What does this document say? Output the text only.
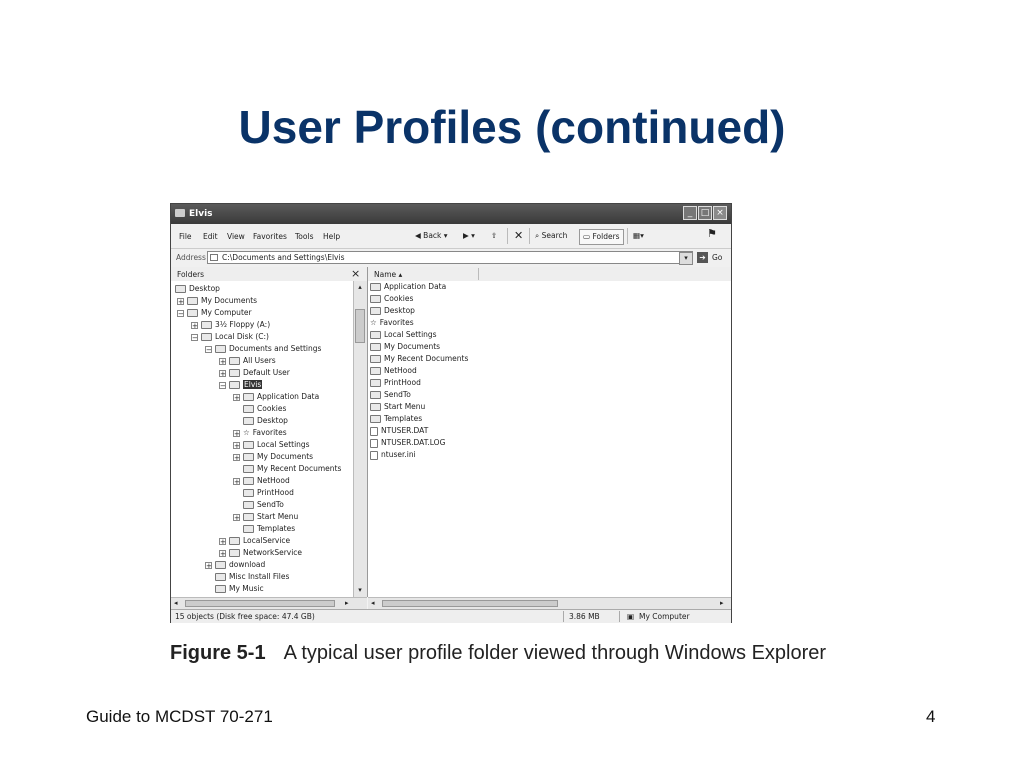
User Profiles (continued)
Elvis	_ □ ×
File Edit View Favorites Tools Help	◀ Back ▾ ▶ ▾ ⇧ ✕ ⌕ Search	▭ Folders	▦▾	⚑
Address C:\Documents and Settings\Elvis	▾	➔ Go
Folders	× Name ▴
Desktop
+ My Documents
− My Computer
+ 3½ Floppy (A:)
− Local Disk (C:)
− Documents and Settings
+ All Users
+ Default User
− Elvis
+ Application Data
Cookies
Desktop
+ ☆ Favorites
+ Local Settings
+ My Documents
My Recent Documents
+ NetHood
PrintHood
SendTo
+ Start Menu
Templates
+ LocalService
+ NetworkService
+ download
Misc Install Files
My Music
▴
▾
Application Data
Cookies
Desktop
☆ Favorites
Local Settings
My Documents
My Recent Documents
NetHood
PrintHood
SendTo
Start Menu
Templates
NTUSER.DAT
NTUSER.DAT.LOG
ntuser.ini
◂	▸	◂	▸
15 objects (Disk free space: 47.4 GB)	3.86 MB	▣ My Computer
Figure 5-1 A typical user profile folder viewed through Windows Explorer
Guide to MCDST 70-271	4
